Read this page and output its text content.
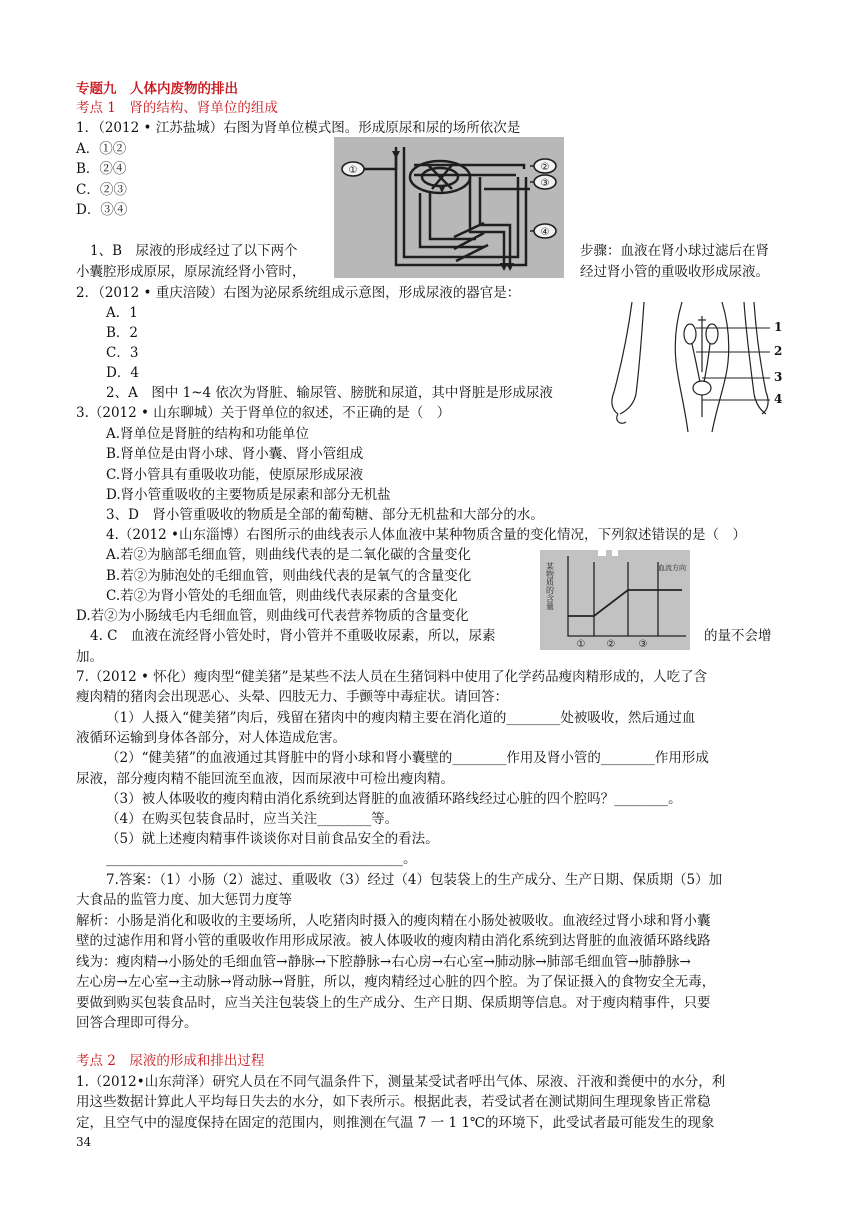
专题九　人体内废物的排出
考点 1　肾的结构、肾单位的组成
1．（2012 • 江苏盐城）右图为肾单位模式图。形成原尿和尿的场所依次是
A．①②
B．②④
C．②③
D．③④
①	②
③
④
1、B　尿液的形成经过了以下两个	步骤：血液在肾小球过滤后在肾
小囊腔形成原尿，原尿流经肾小管时，	经过肾小管的重吸收形成尿液。
2．（2012 • 重庆涪陵）右图为泌尿系统组成示意图，形成尿液的器官是：
A．1
B．2
C．3
D．4
2、A　图中 1~4 依次为肾脏、输尿管、膀胱和尿道，其中肾脏是形成尿液
1
2
3
4
3.（2012 • 山东聊城）关于肾单位的叙述，不正确的是（　）
A.肾单位是肾脏的结构和功能单位
B.肾单位是由肾小球、肾小囊、肾小管组成
C.肾小管具有重吸收功能，使原尿形成尿液
D.肾小管重吸收的主要物质是尿素和部分无机盐
3、D　肾小管重吸收的物质是全部的葡萄糖、部分无机盐和大部分的水。
4.（2012 •山东淄博）右图所示的曲线表示人体血液中某种物质含量的变化情况，下列叙述错误的是（　）
A.若②为脑部毛细血管，则曲线代表的是二氧化碳的含量变化
B.若②为肺泡处的毛细血管，则曲线代表的是氧气的含量变化
C.若②为肾小管处的毛细血管，则曲线代表尿素的含量变化
D.若②为小肠绒毛内毛细血管，则曲线可代表营养物质的含量变化
某物质的含量	血流方向
① ② ③
4. C　血液在流经肾小管处时，肾小管并不重吸收尿素，所以，尿素	的量不会增
加。
7.（2012 • 怀化）瘦肉型“健美猪”是某些不法人员在生猪饲料中使用了化学药品瘦肉精形成的，人吃了含
瘦肉精的猪肉会出现恶心、头晕、四肢无力、手颤等中毒症状。请回答：
（1）人摄入“健美猪”肉后，残留在猪肉中的瘦肉精主要在消化道的________处被吸收，然后通过血
液循环运输到身体各部分，对人体造成危害。
（2）“健美猪”的血液通过其肾脏中的肾小球和肾小囊壁的________作用及肾小管的________作用形成
尿液，部分瘦肉精不能回流至血液，因而尿液中可检出瘦肉精。
（3）被人体吸收的瘦肉精由消化系统到达肾脏的血液循环路线经过心脏的四个腔吗？________。
（4）在购买包装食品时，应当关注________等。
（5）就上述瘦肉精事件谈谈你对目前食品安全的看法。
____________________________________________。
7.答案：（1）小肠（2）滤过、重吸收（3）经过（4）包装袋上的生产成分、生产日期、保质期（5）加
大食品的监管力度、加大惩罚力度等
解析：小肠是消化和吸收的主要场所，人吃猪肉时摄入的瘦肉精在小肠处被吸收。血液经过肾小球和肾小囊
壁的过滤作用和肾小管的重吸收作用形成尿液。被人体吸收的瘦肉精由消化系统到达肾脏的血液循环路线路
线为：瘦肉精→小肠处的毛细血管→静脉→下腔静脉→右心房→右心室→肺动脉→肺部毛细血管→肺静脉→
左心房→左心室→主动脉→肾动脉→肾脏，所以，瘦肉精经过心脏的四个腔。为了保证摄入的食物安全无毒，
要做到购买包装食品时，应当关注包装袋上的生产成分、生产日期、保质期等信息。对于瘦肉精事件，只要
回答合理即可得分。
考点 2　尿液的形成和排出过程
1.（2012•山东菏泽）研究人员在不同气温条件下，测量某受试者呼出气体、尿液、汗液和粪便中的水分，利
用这些数据计算此人平均每日失去的水分，如下表所示。根据此表，若受试者在测试期间生理现象皆正常稳
定，且空气中的湿度保持在固定的范围内，则推测在气温 7 一 1 1℃的环境下，此受试者最可能发生的现象
34
